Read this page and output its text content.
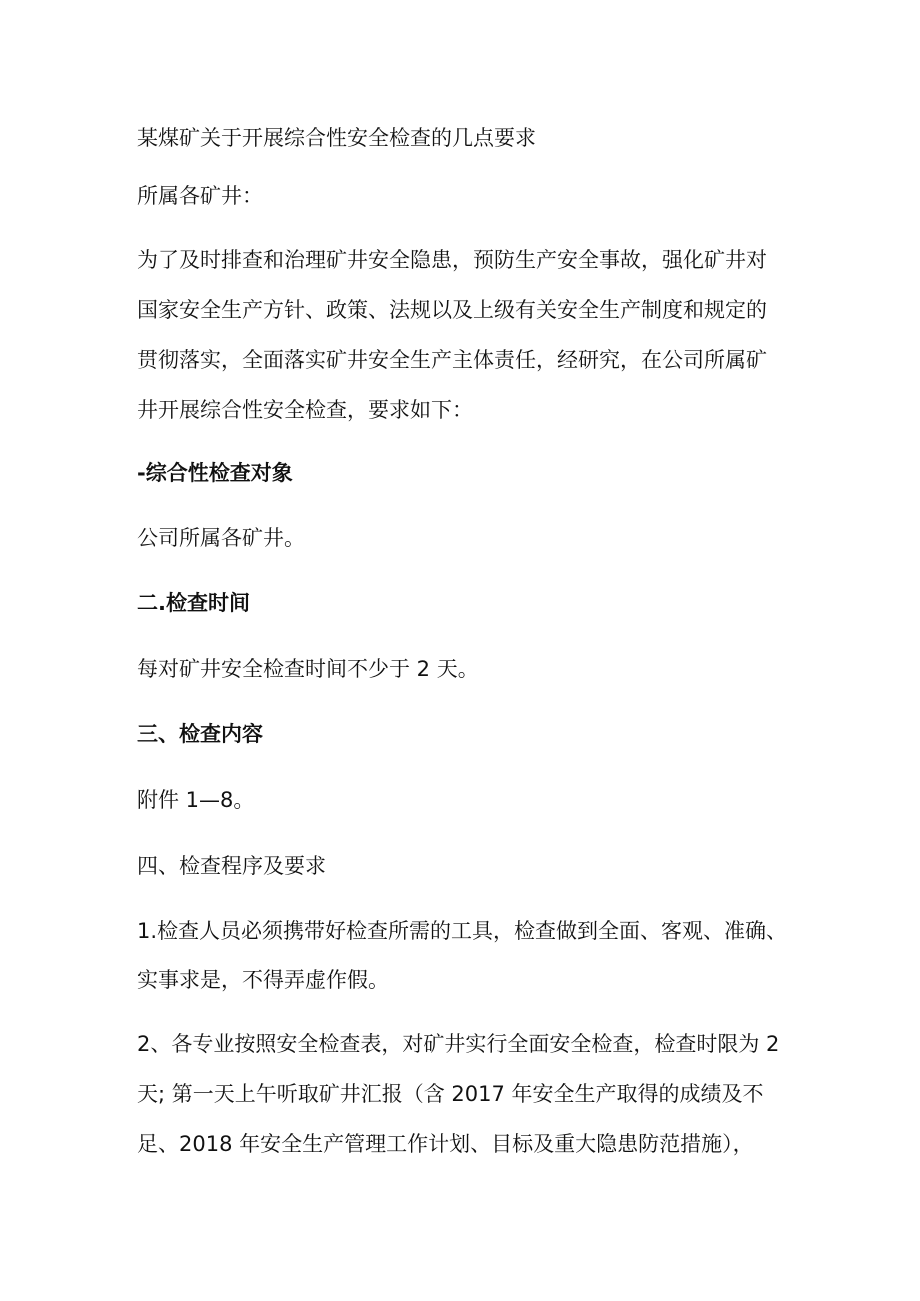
某煤矿关于开展综合性安全检查的几点要求

所属各矿井：

为了及时排查和治理矿井安全隐患，预防生产安全事故，强化矿井对

国家安全生产方针、政策、法规以及上级有关安全生产制度和规定的

贯彻落实，全面落实矿井安全生产主体责任，经研究，在公司所属矿

井开展综合性安全检查，要求如下：

-综合性检查对象

公司所属各矿井。

二.检查时间

每对矿井安全检查时间不少于 2 天。

三、检查内容

附件 1—8。

四、检查程序及要求

1.检查人员必须携带好检查所需的工具，检查做到全面、客观、准确、

实事求是，不得弄虚作假。

2、各专业按照安全检查表，对矿井实行全面安全检查，检查时限为 2

天; 第一天上午听取矿井汇报（含 2017 年安全生产取得的成绩及不

足、2018 年安全生产管理工作计划、目标及重大隐患防范措施），
